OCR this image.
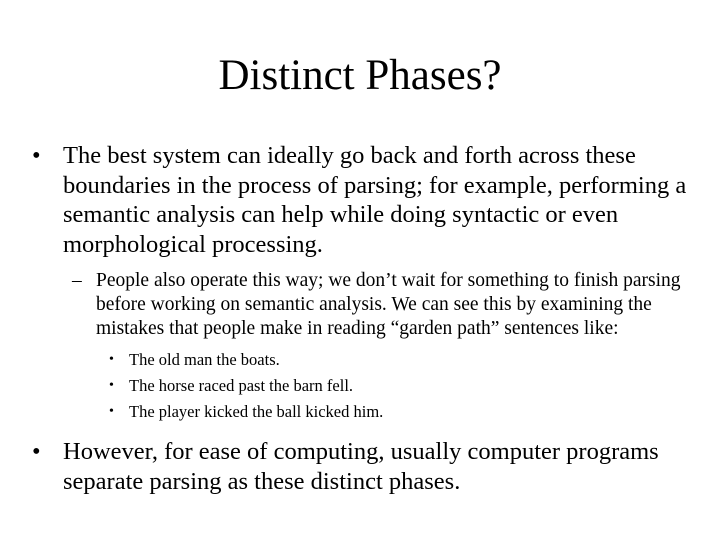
Distinct Phases?
• The best system can ideally go back and forth across these boundaries in the process of parsing; for example, performing a semantic analysis can help while doing syntactic or even morphological processing.
– People also operate this way; we don’t wait for something to finish parsing before working on semantic analysis. We can see this by examining the mistakes that people make in reading “garden path” sentences like:
• The old man the boats.
• The horse raced past the barn fell.
• The player kicked the ball kicked him.
• However, for ease of computing, usually computer programs separate parsing as these distinct phases.
